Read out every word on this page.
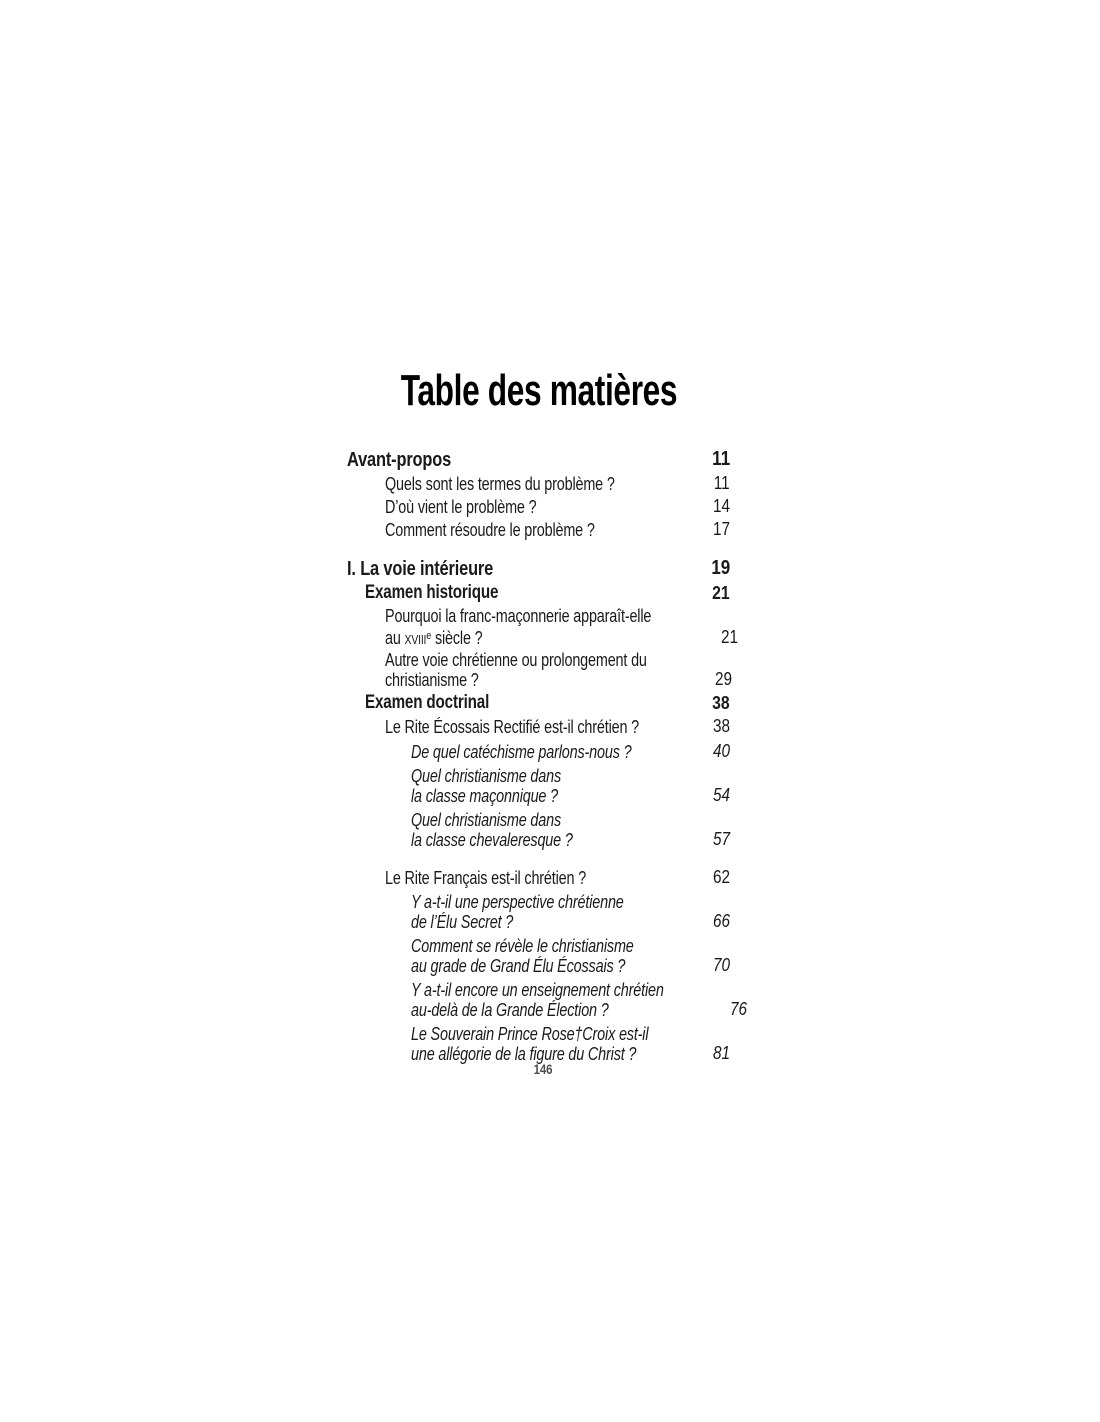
Table des matières
Avant-propos	11
Quels sont les termes du problème ?	11
D’où vient le problème ?	14
Comment résoudre le problème ?	17
I. La voie intérieure	19
Examen historique	21
Pourquoi la franc-maçonnerie apparaît-elle
au xviii$^e$ siècle ?	21
Autre voie chrétienne ou prolongement du
christianisme ?	29
Examen doctrinal	38
Le Rite Écossais Rectifié est-il chrétien ?	38
De quel catéchisme parlons-nous ?	40
Quel christianisme dans
la classe maçonnique ?	54
Quel christianisme dans
la classe chevaleresque ?	57
Le Rite Français est-il chrétien ?	62
Y a-t-il une perspective chrétienne
de l’Élu Secret ?	66
Comment se révèle le christianisme
au grade de Grand Élu Écossais ?	70
Y a-t-il encore un enseignement chrétien
au-delà de la Grande Élection ?	76
Le Souverain Prince Rose†Croix est-il
une allégorie de la figure du Christ ?	81
146
